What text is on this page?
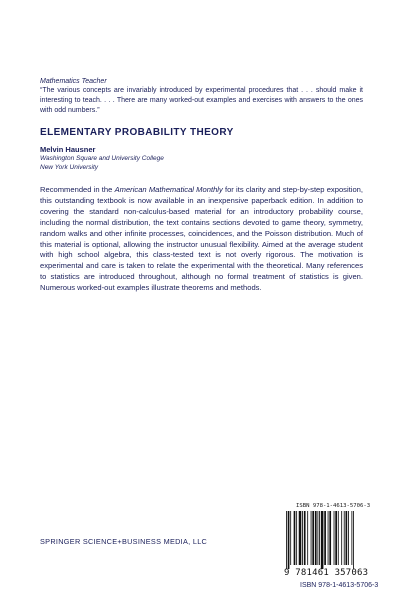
Mathematics Teacher
“The various concepts are invariably introduced by experimental procedures that . . . should make it interesting to teach. . . . There are many worked-out examples and exercises with answers to the ones with odd numbers.”
ELEMENTARY PROBABILITY THEORY
Melvin Hausner
Washington Square and University College
New York University
Recommended in the American Mathematical Monthly for its clarity and step-by-step exposition, this outstanding textbook is now available in an inexpensive paperback edition. In addition to covering the standard non-calculus-based material for an introductory probability course, including the normal distribution, the text contains sections devoted to game theory, symmetry, random walks and other infinite processes, coincidences, and the Poisson distribution. Much of this material is optional, allowing the instructor unusual flexibility. Aimed at the average student with high school algebra, this class-tested text is not overly rigorous. The motivation is experimental and care is taken to relate the experimental with the theoretical. Many references to statistics are introduced throughout, although no formal treatment of statistics is given. Numerous worked-out examples illustrate theorems and methods.
SPRINGER SCIENCE+BUSINESS MEDIA, LLC
ISBN 978-1-4613-5706-3
9 781461 357063
ISBN 978-1-4613-5706-3
